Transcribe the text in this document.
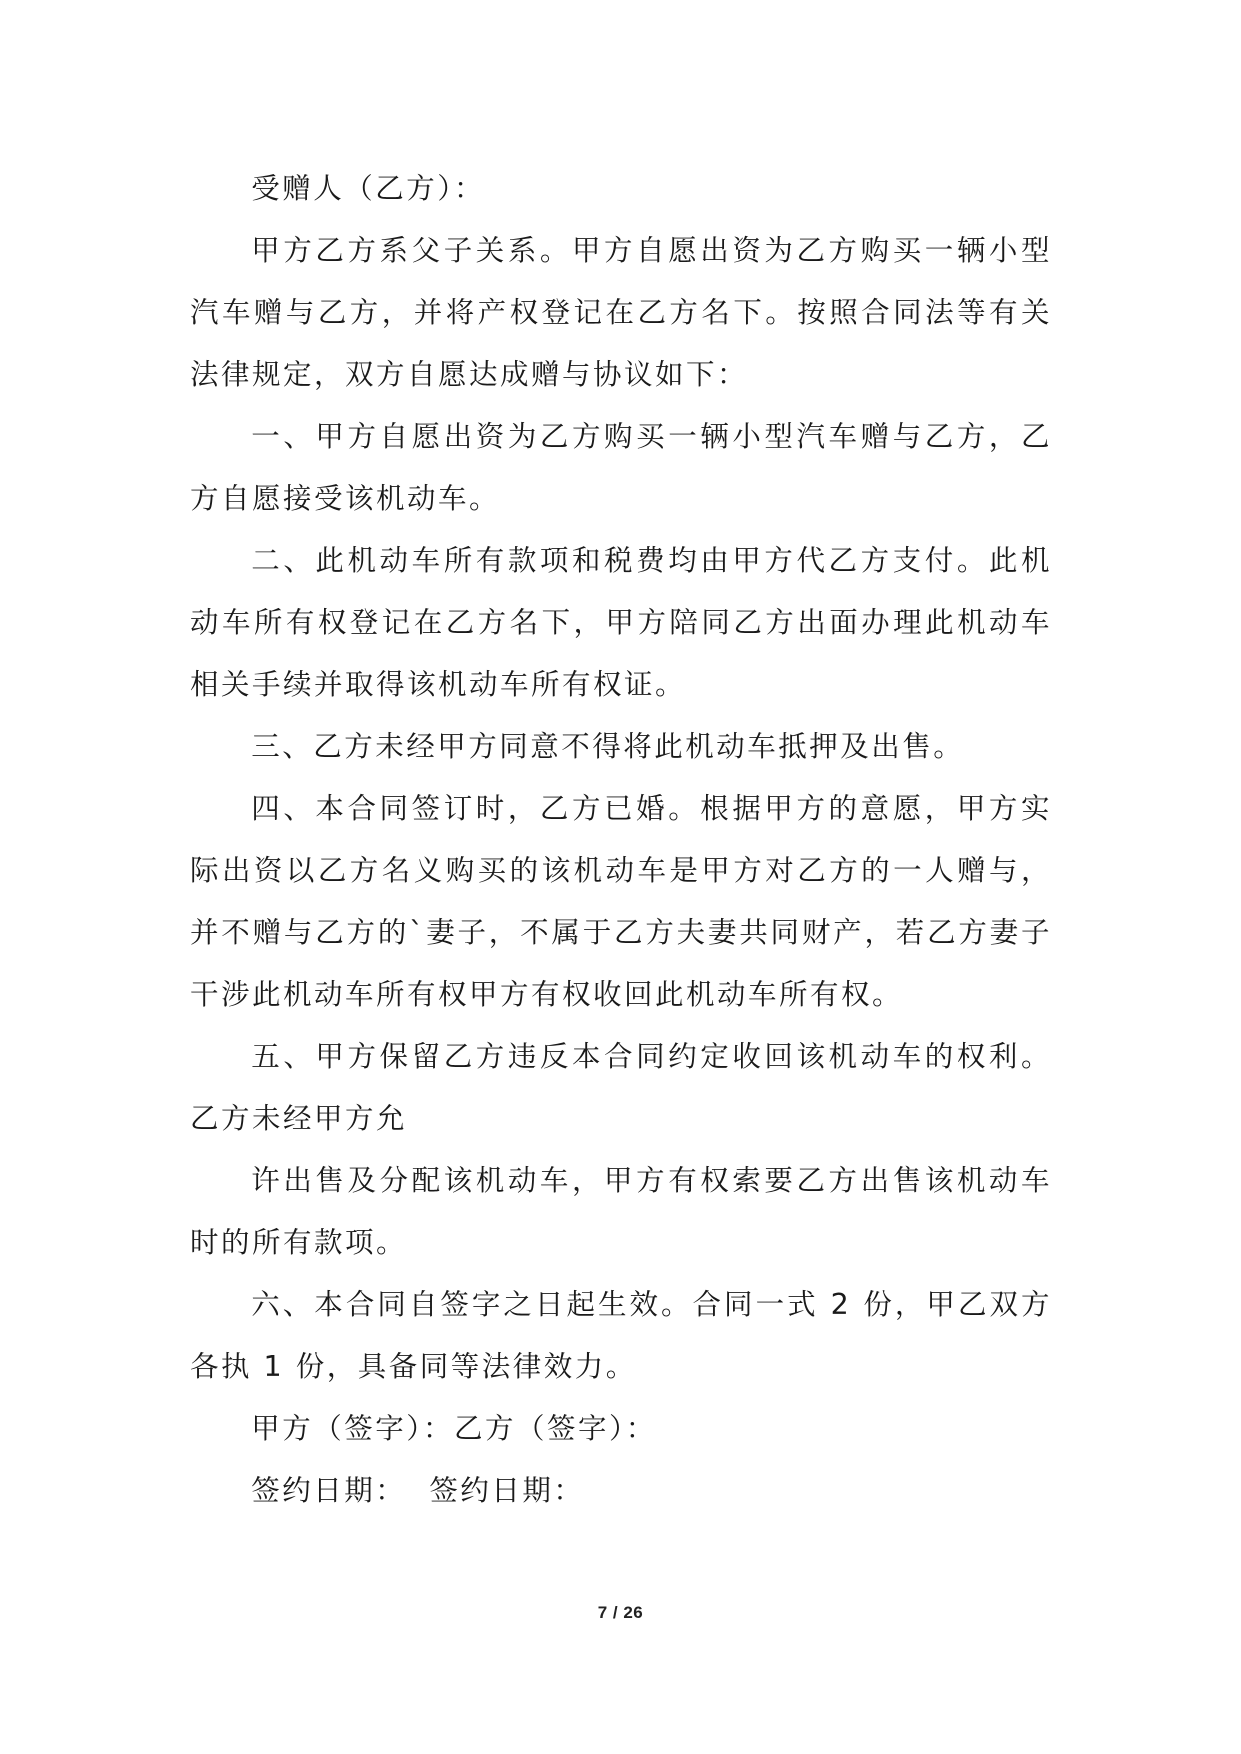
受赠人（乙方）：

甲方乙方系父子关系。甲方自愿出资为乙方购买一辆小型汽车赠与乙方，并将产权登记在乙方名下。按照合同法等有关法律规定，双方自愿达成赠与协议如下：

一、甲方自愿出资为乙方购买一辆小型汽车赠与乙方，乙方自愿接受该机动车。

二、此机动车所有款项和税费均由甲方代乙方支付。此机动车所有权登记在乙方名下，甲方陪同乙方出面办理此机动车相关手续并取得该机动车所有权证。

三、乙方未经甲方同意不得将此机动车抵押及出售。

四、本合同签订时，乙方已婚。根据甲方的意愿，甲方实际出资以乙方名义购买的该机动车是甲方对乙方的一人赠与，并不赠与乙方的`妻子，不属于乙方夫妻共同财产，若乙方妻子干涉此机动车所有权甲方有权收回此机动车所有权。

五、甲方保留乙方违反本合同约定收回该机动车的权利。乙方未经甲方允

许出售及分配该机动车，甲方有权索要乙方出售该机动车时的所有款项。

六、本合同自签字之日起生效。合同一式 2 份，甲乙双方各执 1 份，具备同等法律效力。

甲方（签字）：乙方（签字）：

签约日期：  签约日期：

7 / 26
